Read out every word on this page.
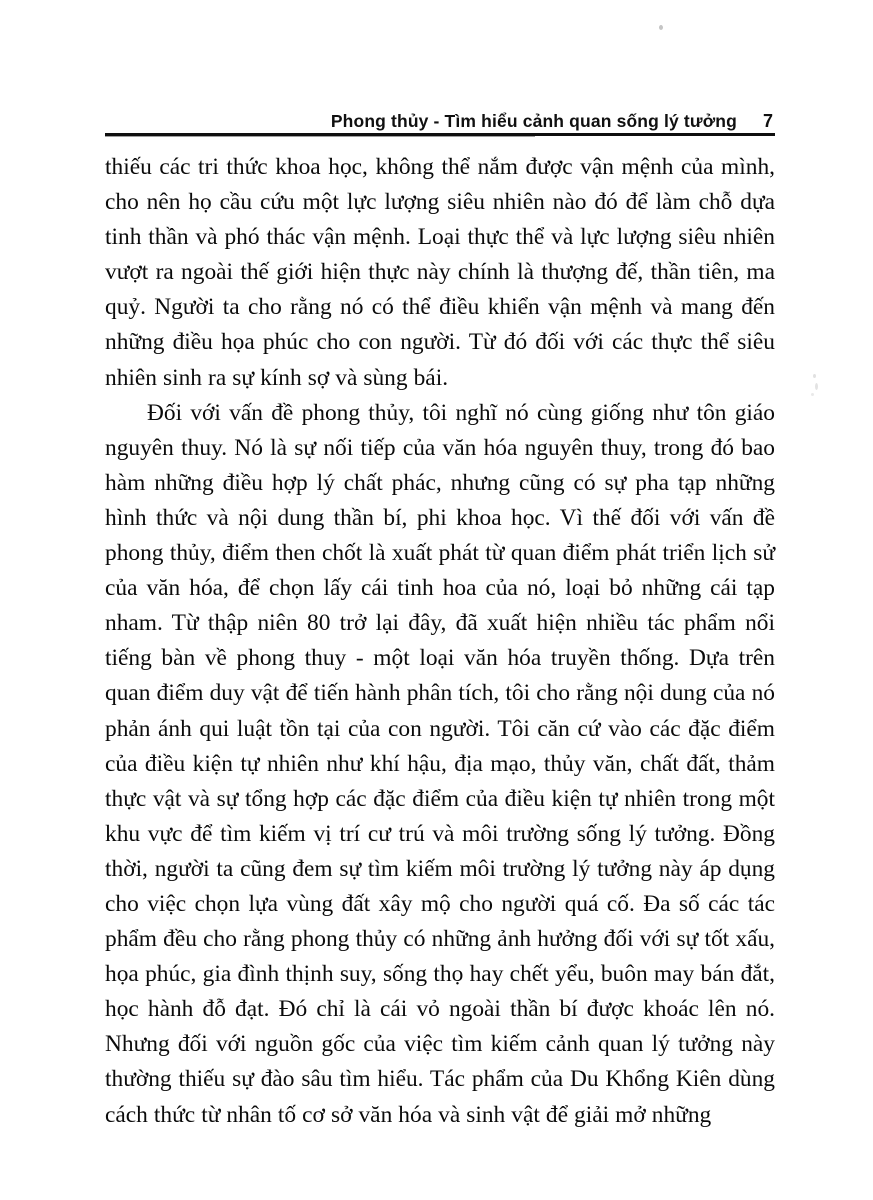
Phong thủy - Tìm hiểu cảnh quan sống lý tưởng 7

thiếu các tri thức khoa học, không thể nắm được vận mệnh của mình, cho nên họ cầu cứu một lực lượng siêu nhiên nào đó để làm chỗ dựa tinh thần và phó thác vận mệnh. Loại thực thể và lực lượng siêu nhiên vượt ra ngoài thế giới hiện thực này chính là thượng đế, thần tiên, ma quỷ. Người ta cho rằng nó có thể điều khiển vận mệnh và mang đến những điều họa phúc cho con người. Từ đó đối với các thực thể siêu nhiên sinh ra sự kính sợ và sùng bái.

Đối với vấn đề phong thủy, tôi nghĩ nó cùng giống như tôn giáo nguyên thuy. Nó là sự nối tiếp của văn hóa nguyên thuy, trong đó bao hàm những điều hợp lý chất phác, nhưng cũng có sự pha tạp những hình thức và nội dung thần bí, phi khoa học. Vì thế đối với vấn đề phong thủy, điểm then chốt là xuất phát từ quan điểm phát triển lịch sử của văn hóa, để chọn lấy cái tinh hoa của nó, loại bỏ những cái tạp nham. Từ thập niên 80 trở lại đây, đã xuất hiện nhiều tác phẩm nổi tiếng bàn về phong thuy - một loại văn hóa truyền thống. Dựa trên quan điểm duy vật để tiến hành phân tích, tôi cho rằng nội dung của nó phản ánh qui luật tồn tại của con người. Tôi căn cứ vào các đặc điểm của điều kiện tự nhiên như khí hậu, địa mạo, thủy văn, chất đất, thảm thực vật và sự tổng hợp các đặc điểm của điều kiện tự nhiên trong một khu vực để tìm kiếm vị trí cư trú và môi trường sống lý tưởng. Đồng thời, người ta cũng đem sự tìm kiếm môi trường lý tưởng này áp dụng cho việc chọn lựa vùng đất xây mộ cho người quá cố. Đa số các tác phẩm đều cho rằng phong thủy có những ảnh hưởng đối với sự tốt xấu, họa phúc, gia đình thịnh suy, sống thọ hay chết yểu, buôn may bán đắt, học hành đỗ đạt. Đó chỉ là cái vỏ ngoài thần bí được khoác lên nó. Nhưng đối với nguồn gốc của việc tìm kiếm cảnh quan lý tưởng này thường thiếu sự đào sâu tìm hiểu. Tác phẩm của Du Khổng Kiên dùng cách thức từ nhân tố cơ sở văn hóa và sinh vật để giải mở những
